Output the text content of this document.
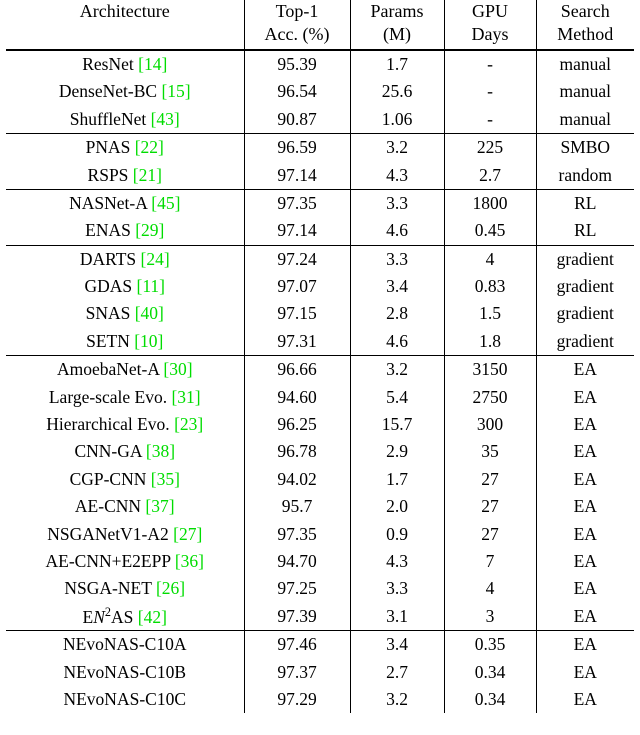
Architecture	Top-1	Params	GPU	Search
	Acc. (%)	(M)	Days	Method
ResNet [14]	95.39	1.7	-	manual
DenseNet-BC [15]	96.54	25.6	-	manual
ShuffleNet [43]	90.87	1.06	-	manual
PNAS [22]	96.59	3.2	225	SMBO
RSPS [21]	97.14	4.3	2.7	random
NASNet-A [45]	97.35	3.3	1800	RL
ENAS [29]	97.14	4.6	0.45	RL
DARTS [24]	97.24	3.3	4	gradient
GDAS [11]	97.07	3.4	0.83	gradient
SNAS [40]	97.15	2.8	1.5	gradient
SETN [10]	97.31	4.6	1.8	gradient
AmoebaNet-A [30]	96.66	3.2	3150	EA
Large-scale Evo. [31]	94.60	5.4	2750	EA
Hierarchical Evo. [23]	96.25	15.7	300	EA
CNN-GA [38]	96.78	2.9	35	EA
CGP-CNN [35]	94.02	1.7	27	EA
AE-CNN [37]	95.7	2.0	27	EA
NSGANetV1-A2 [27]	97.35	0.9	27	EA
AE-CNN+E2EPP [36]	94.70	4.3	7	EA
NSGA-NET [26]	97.25	3.3	4	EA
$EN^2AS$ [42]	97.39	3.1	3	EA
NEvoNAS-C10A	97.46	3.4	0.35	EA
NEvoNAS-C10B	97.37	2.7	0.34	EA
NEvoNAS-C10C	97.29	3.2	0.34	EA
